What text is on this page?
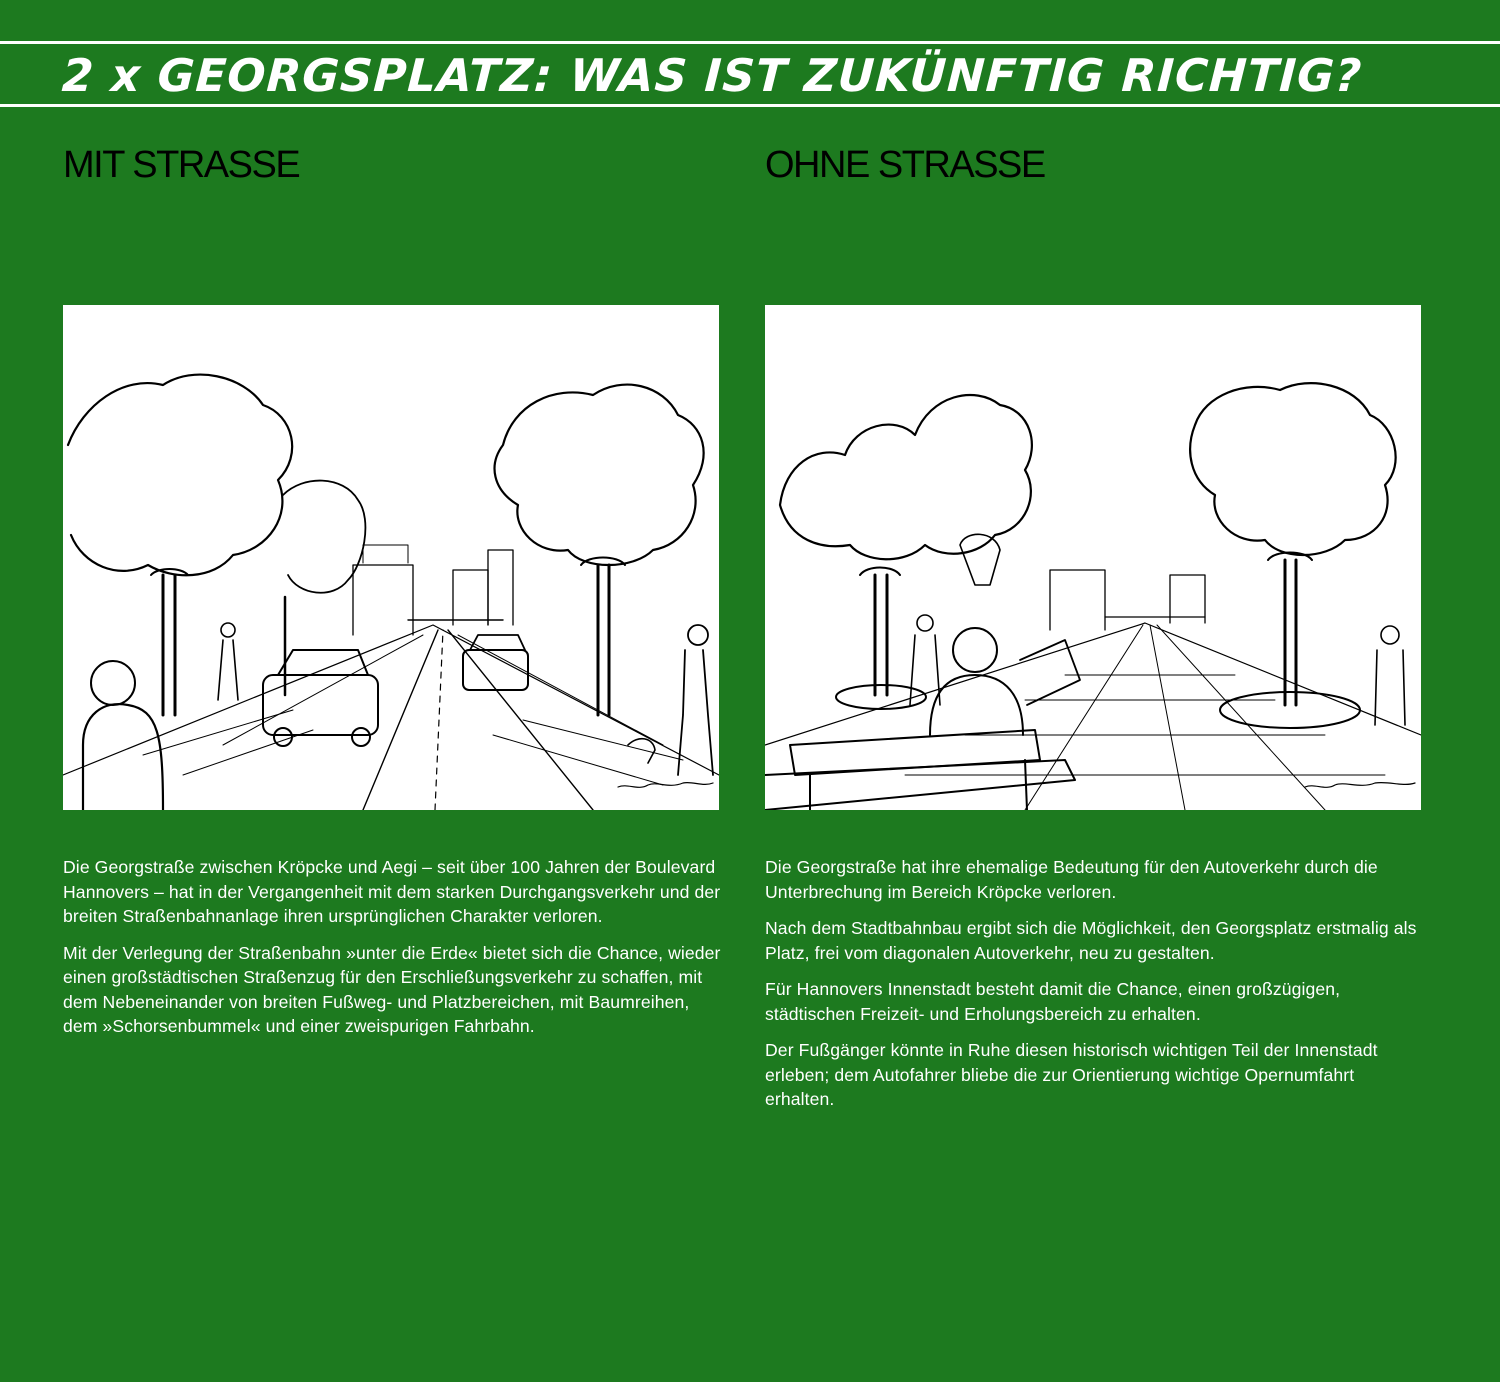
2 x GEORGSPLATZ: WAS IST ZUKÜNFTIG RICHTIG?
MIT STRASSE

Die Georgstraße zwischen Kröpcke und Aegi – seit über 100 Jahren der Boulevard Hannovers – hat in der Vergangenheit mit dem starken Durchgangsverkehr und der breiten Straßenbahnanlage ihren ursprünglichen Charakter verloren.

Mit der Verlegung der Straßenbahn »unter die Erde« bietet sich die Chance, wieder einen großstädtischen Straßenzug für den Erschließungsverkehr zu schaffen, mit dem Nebeneinander von breiten Fußweg- und Platzbereichen, mit Baumreihen, dem »Schorsenbummel« und einer zweispurigen Fahrbahn.

OHNE STRASSE

Die Georgstraße hat ihre ehemalige Bedeutung für den Autoverkehr durch die Unterbrechung im Bereich Kröpcke verloren.

Nach dem Stadtbahnbau ergibt sich die Möglichkeit, den Georgsplatz erstmalig als Platz, frei vom diagonalen Autoverkehr, neu zu gestalten.

Für Hannovers Innenstadt besteht damit die Chance, einen großzügigen, städtischen Freizeit- und Erholungsbereich zu erhalten.

Der Fußgänger könnte in Ruhe diesen historisch wichtigen Teil der Innenstadt erleben; dem Autofahrer bliebe die zur Orientierung wichtige Opernumfahrt erhalten.
